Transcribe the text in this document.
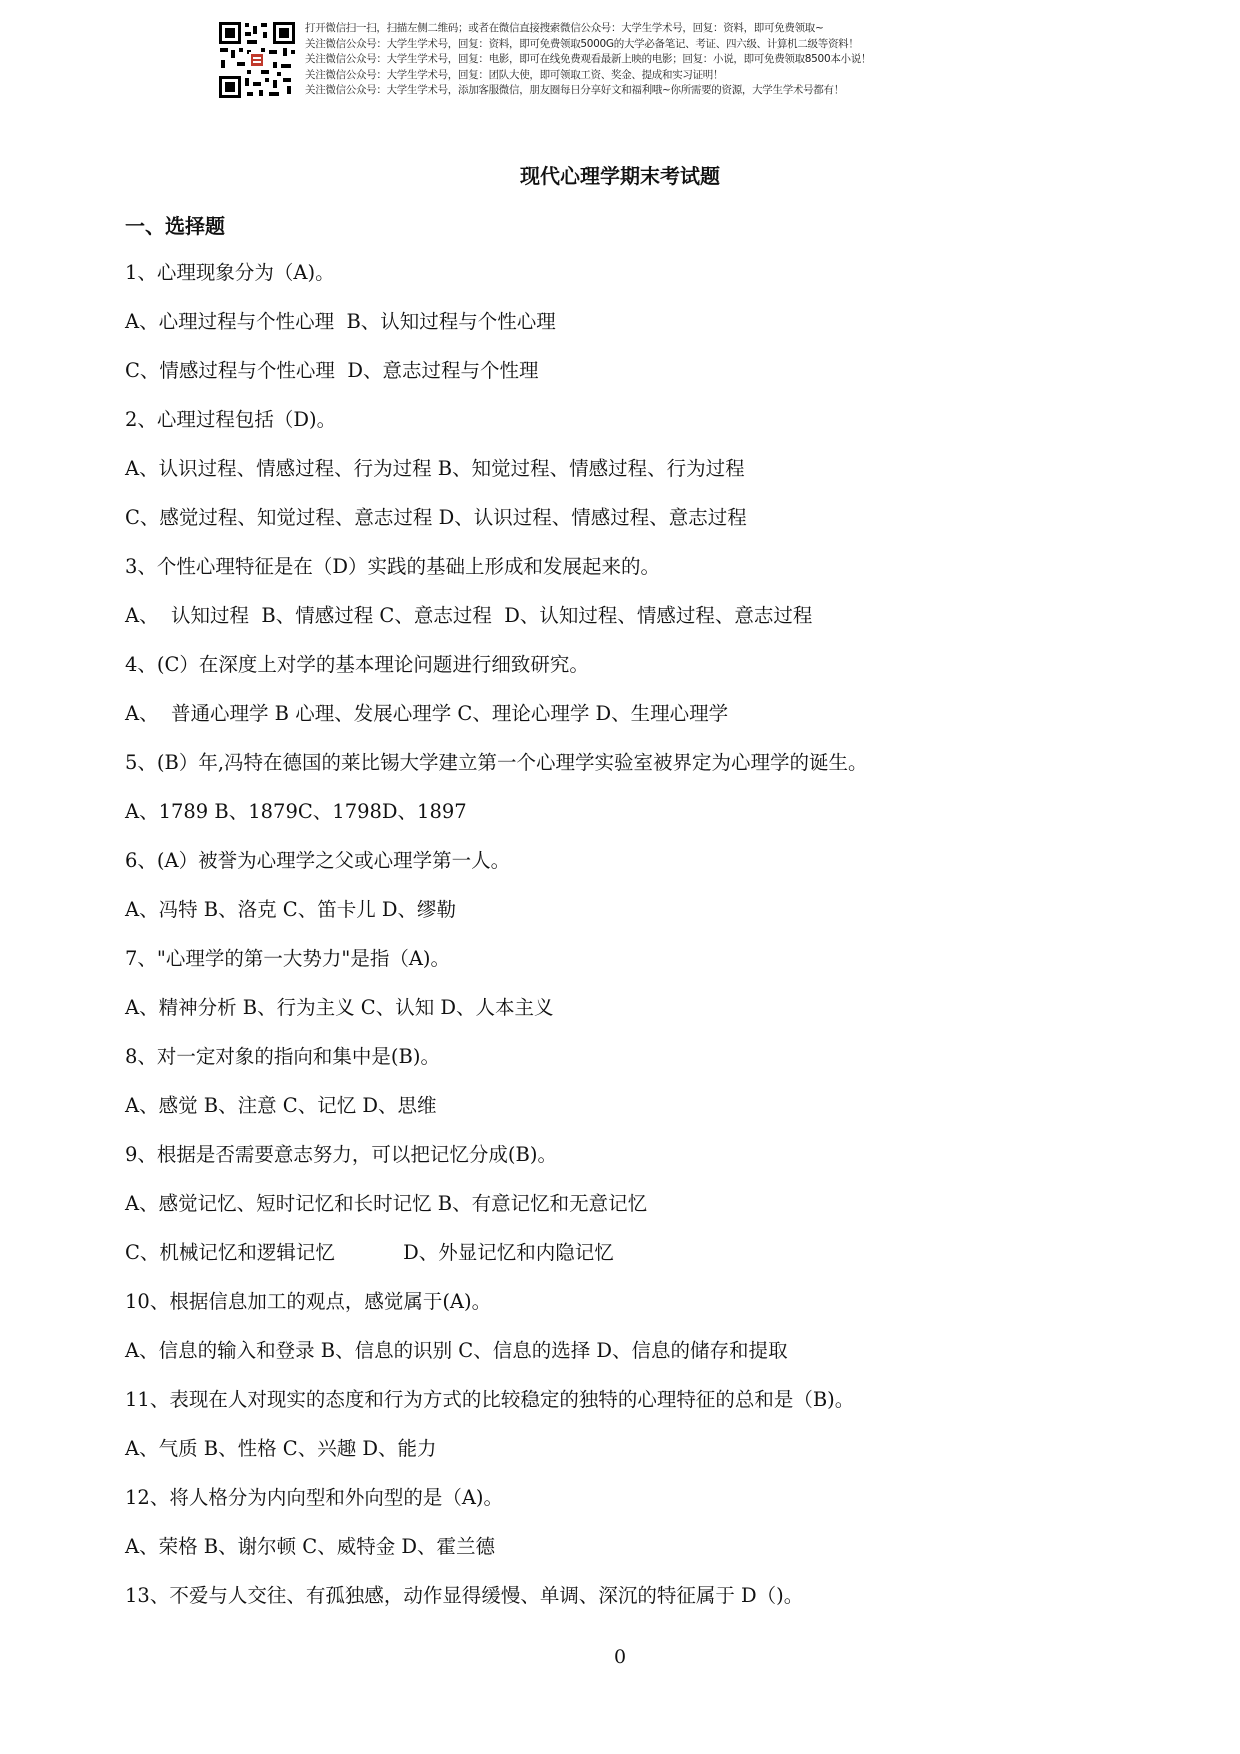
打开微信扫一扫，扫描左侧二维码；或者在微信直接搜索微信公众号：大学生学术号，回复：资料，即可免费领取~
关注微信公众号：大学生学术号，回复：资料，即可免费领取5000G的大学必备笔记、考证、四六级、计算机二级等资料！
关注微信公众号：大学生学术号，回复：电影，即可在线免费观看最新上映的电影；回复：小说，即可免费领取8500本小说！
关注微信公众号：大学生学术号，回复：团队大使，即可领取工资、奖金、提成和实习证明！
关注微信公众号：大学生学术号，添加客服微信，朋友圈每日分享好文和福利哦~你所需要的资源，大学生学术号都有！
现代心理学期末考试题
一、选择题
1、心理现象分为（A)。
A、心理过程与个性心理  B、认知过程与个性心理
C、情感过程与个性心理  D、意志过程与个性理
2、心理过程包括（D)。
A、认识过程、情感过程、行为过程 B、知觉过程、情感过程、行为过程
C、感觉过程、知觉过程、意志过程 D、认识过程、情感过程、意志过程
3、个性心理特征是在（D）实践的基础上形成和发展起来的。
A、  认知过程  B、情感过程 C、意志过程  D、认知过程、情感过程、意志过程
4、(C）在深度上对学的基本理论问题进行细致研究。
A、  普通心理学 B 心理、发展心理学 C、理论心理学 D、生理心理学
5、(B）年,冯特在德国的莱比锡大学建立第一个心理学实验室被界定为心理学的诞生。
A、1789 B、1879C、1798D、1897
6、(A）被誉为心理学之父或心理学第一人。
A、冯特 B、洛克 C、笛卡儿 D、缪勒
7、"心理学的第一大势力"是指（A)。
A、精神分析 B、行为主义 C、认知 D、人本主义
8、对一定对象的指向和集中是(B)。
A、感觉 B、注意 C、记忆 D、思维
9、根据是否需要意志努力，可以把记忆分成(B)。
A、感觉记忆、短时记忆和长时记忆 B、有意记忆和无意记忆
C、机械记忆和逻辑记忆           D、外显记忆和内隐记忆
10、根据信息加工的观点，感觉属于(A)。
A、信息的输入和登录 B、信息的识别 C、信息的选择 D、信息的储存和提取
11、表现在人对现实的态度和行为方式的比较稳定的独特的心理特征的总和是（B)。
A、气质 B、性格 C、兴趣 D、能力
12、将人格分为内向型和外向型的是（A)。
A、荣格 B、谢尔顿 C、威特金 D、霍兰德
13、不爱与人交往、有孤独感，动作显得缓慢、单调、深沉的特征属于 D（)。
0
